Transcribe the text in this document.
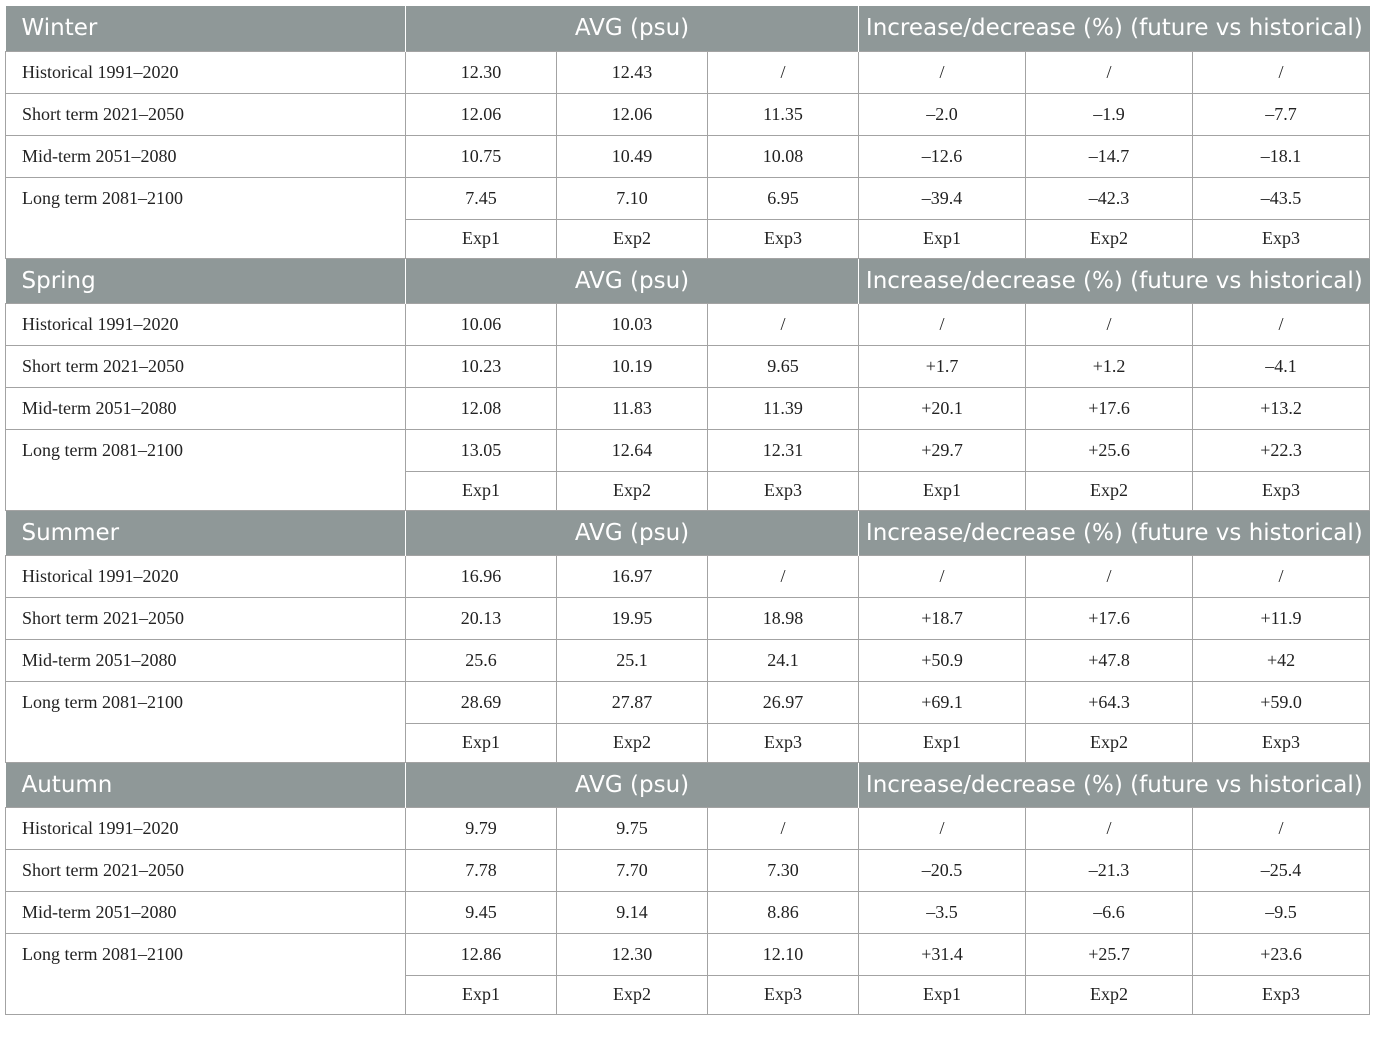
Winter	AVG (psu)			Increase/decrease (%) (future vs historical)		
Historical 1991–2020	12.30	12.43	/	/	/	/
Short term 2021–2050	12.06	12.06	11.35	–2.0	–1.9	–7.7
Mid-term 2051–2080	10.75	10.49	10.08	–12.6	–14.7	–18.1
Long term 2081–2100	7.45	7.10	6.95	–39.4	–42.3	–43.5
	Exp1	Exp2	Exp3	Exp1	Exp2	Exp3
Spring	AVG (psu)			Increase/decrease (%) (future vs historical)		
Historical 1991–2020	10.06	10.03	/	/	/	/
Short term 2021–2050	10.23	10.19	9.65	+1.7	+1.2	–4.1
Mid-term 2051–2080	12.08	11.83	11.39	+20.1	+17.6	+13.2
Long term 2081–2100	13.05	12.64	12.31	+29.7	+25.6	+22.3
	Exp1	Exp2	Exp3	Exp1	Exp2	Exp3
Summer	AVG (psu)			Increase/decrease (%) (future vs historical)		
Historical 1991–2020	16.96	16.97	/	/	/	/
Short term 2021–2050	20.13	19.95	18.98	+18.7	+17.6	+11.9
Mid-term 2051–2080	25.6	25.1	24.1	+50.9	+47.8	+42
Long term 2081–2100	28.69	27.87	26.97	+69.1	+64.3	+59.0
	Exp1	Exp2	Exp3	Exp1	Exp2	Exp3
Autumn	AVG (psu)			Increase/decrease (%) (future vs historical)		
Historical 1991–2020	9.79	9.75	/	/	/	/
Short term 2021–2050	7.78	7.70	7.30	–20.5	–21.3	–25.4
Mid-term 2051–2080	9.45	9.14	8.86	–3.5	–6.6	–9.5
Long term 2081–2100	12.86	12.30	12.10	+31.4	+25.7	+23.6
	Exp1	Exp2	Exp3	Exp1	Exp2	Exp3
